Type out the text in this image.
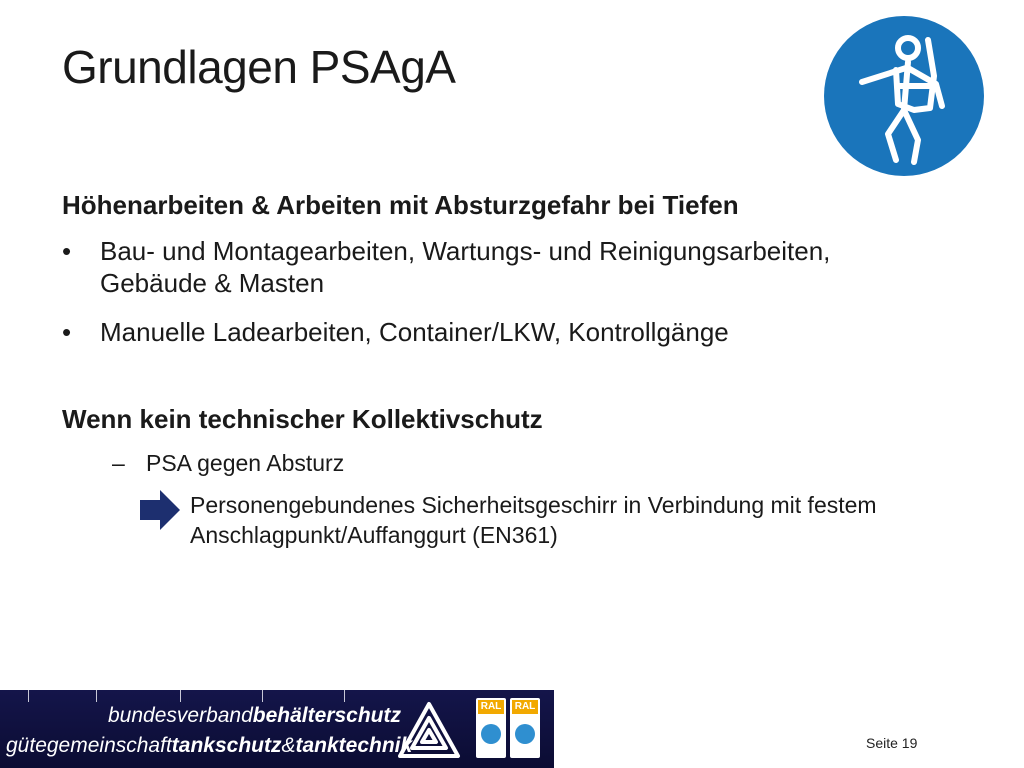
Grundlagen PSAgA

Höhenarbeiten & Arbeiten mit Absturzgefahr bei Tiefen

• Bau- und Montagearbeiten, Wartungs- und Reinigungsarbeiten, Gebäude & Masten
• Manuelle Ladearbeiten, Container/LKW, Kontrollgänge

Wenn kein technischer Kollektivschutz

– PSA gegen Absturz
Personengebundenes Sicherheitsgeschirr in Verbindung mit festem Anschlagpunkt/Auffanggurt (EN361)
bundesverbandbehälterschutz
gütegemeinschafttankschutz&tanktechnik
RAL RAL
Seite 19
